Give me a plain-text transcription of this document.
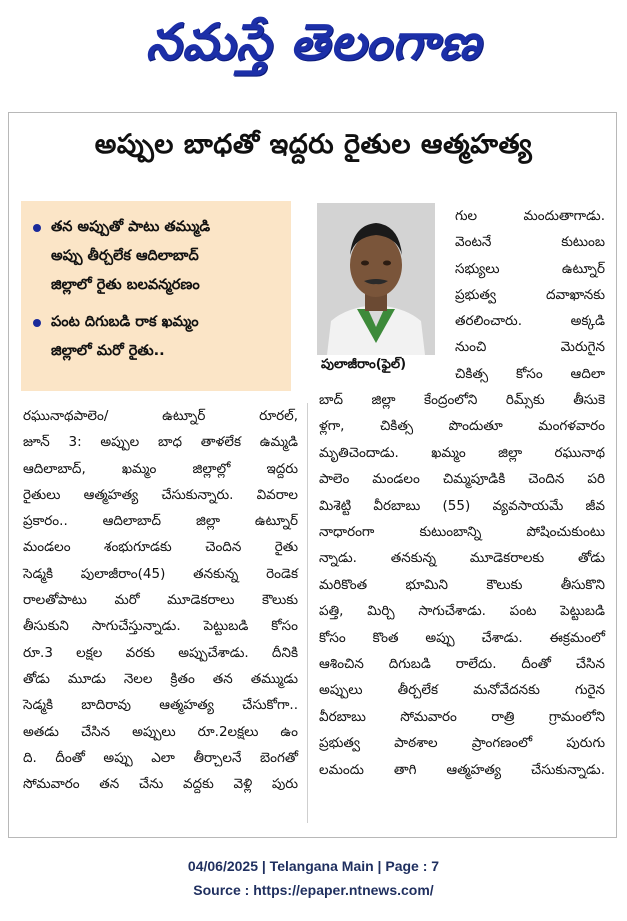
నమస్తే తెలంగాణ
అప్పుల బాధతో ఇద్దరు రైతుల ఆత్మహత్య
తన అప్పుతో పాటు తమ్ముడి
అప్పు తీర్చలేక ఆదిలాబాద్
జిల్లాలో రైతు బలవన్మరణం
పంట దిగుబడి రాక ఖమ్మం
జిల్లాలో మరో రైతు..
పులాజీరాం(ఫైల్)
గుల మందుతాగాడు.
వెంటనే కుటుంబ
సభ్యులు ఉట్నూర్
ప్రభుత్వ దవాఖానకు
తరలించారు. అక్కడి
నుంచి మెరుగైన
చికిత్స కోసం ఆదిలా
రఘునాథపాలెం/ ఉట్నూర్ రూరల్,
జూన్ 3: అప్పుల బాధ తాళలేక ఉమ్మడి
ఆదిలాబాద్, ఖమ్మం జిల్లాల్లో ఇద్దరు
రైతులు ఆత్మహత్య చేసుకున్నారు. వివరాల
ప్రకారం.. ఆదిలాబాద్ జిల్లా ఉట్నూర్
మండలం శంభుగూడకు చెందిన రైతు
సెడ్మకి పులాజీరాం(45) తనకున్న రెండెక
రాలతోపాటు మరో మూడెకరాలు కౌలుకు
తీసుకుని సాగుచేస్తున్నాడు. పెట్టుబడి కోసం
రూ.3 లక్షల వరకు అప్పుచేశాడు. దీనికి
తోడు మూడు నెలల క్రితం తన తమ్ముడు
సెడ్మకి బాదిరావు ఆత్మహత్య చేసుకోగా..
అతడు చేసిన అప్పులు రూ.2లక్షలు ఉం
ది. దీంతో అప్పు ఎలా తీర్చాలనే బెంగతో
సోమవారం తన చేను వద్దకు వెళ్లి పురు
బాద్ జిల్లా కేంద్రంలోని రిమ్స్‌కు తీసుకె
ళ్లగా, చికిత్స పొందుతూ మంగళవారం
మృతిచెందాడు. ఖమ్మం జిల్లా రఘునాథ
పాలెం మండలం చిమ్మపూడికి చెందిన పరి
మిశెట్టి వీరబాబు (55) వ్యవసాయమే జీవ
నాధారంగా కుటుంబాన్ని పోషించుకుంటు
న్నాడు. తనకున్న మూడెకరాలకు తోడు
మరికొంత భూమిని కౌలుకు తీసుకొని
పత్తి, మిర్చి సాగుచేశాడు. పంట పెట్టుబడి
కోసం కొంత అప్పు చేశాడు. ఈక్రమంలో
ఆశించిన దిగుబడి రాలేదు. దీంతో చేసిన
అప్పులు తీర్చలేక మనోవేదనకు గురైన
వీరబాబు సోమవారం రాత్రి గ్రామంలోని
ప్రభుత్వ పాఠశాల ప్రాంగణంలో పురుగు
లమందు తాగి ఆత్మహత్య చేసుకున్నాడు.
04/06/2025 | Telangana Main | Page : 7
Source : https://epaper.ntnews.com/
